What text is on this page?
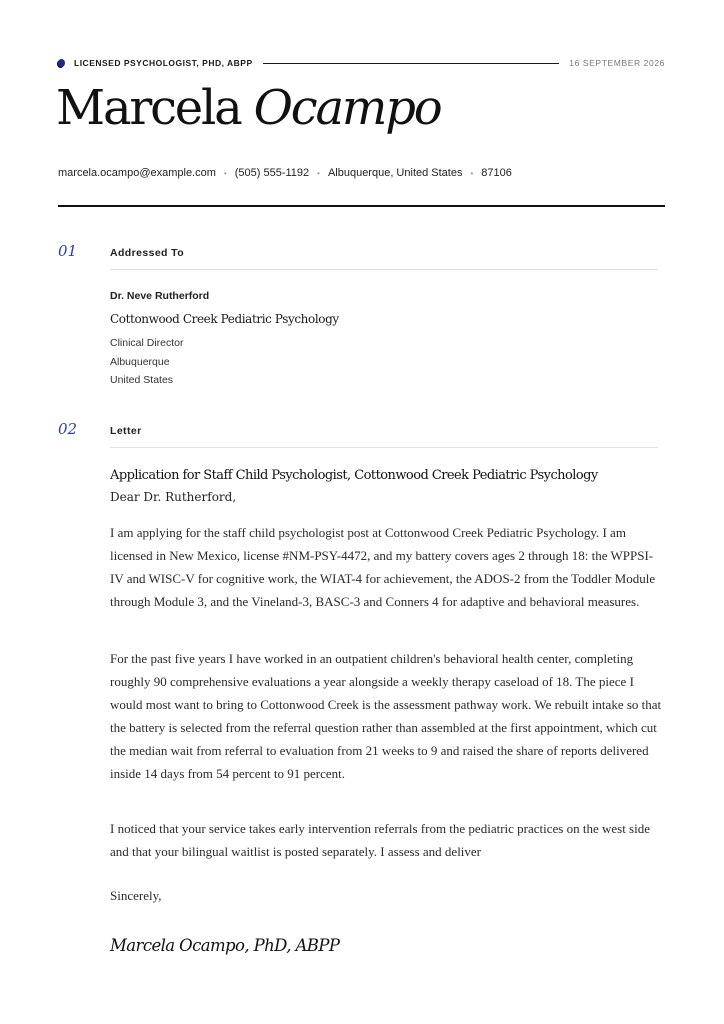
LICENSED PSYCHOLOGIST, PHD, ABPP	16 SEPTEMBER 2026
Marcela Ocampo
marcela.ocampo@example.com • (505) 555-1192 • Albuquerque, United States • 87106
01	Addressed To
Dr. Neve Rutherford
Cottonwood Creek Pediatric Psychology
Clinical Director
Albuquerque
United States
02	Letter
Application for Staff Child Psychologist, Cottonwood Creek Pediatric Psychology
Dear Dr. Rutherford,

I am applying for the staff child psychologist post at Cottonwood Creek Pediatric Psychology. I am licensed in New Mexico, license #NM-PSY-4472, and my battery covers ages 2 through 18: the WPPSI-IV and WISC-V for cognitive work, the WIAT-4 for achievement, the ADOS-2 from the Toddler Module through Module 3, and the Vineland-3, BASC-3 and Conners 4 for adaptive and behavioral measures.

For the past five years I have worked in an outpatient children's behavioral health center, completing roughly 90 comprehensive evaluations a year alongside a weekly therapy caseload of 18. The piece I would most want to bring to Cottonwood Creek is the assessment pathway work. We rebuilt intake so that the battery is selected from the referral question rather than assembled at the first appointment, which cut the median wait from referral to evaluation from 21 weeks to 9 and raised the share of reports delivered inside 14 days from 54 percent to 91 percent.

I noticed that your service takes early intervention referrals from the pediatric practices on the west side and that your bilingual waitlist is posted separately. I assess and deliver

Sincerely,
Marcela Ocampo, PhD, ABPP
